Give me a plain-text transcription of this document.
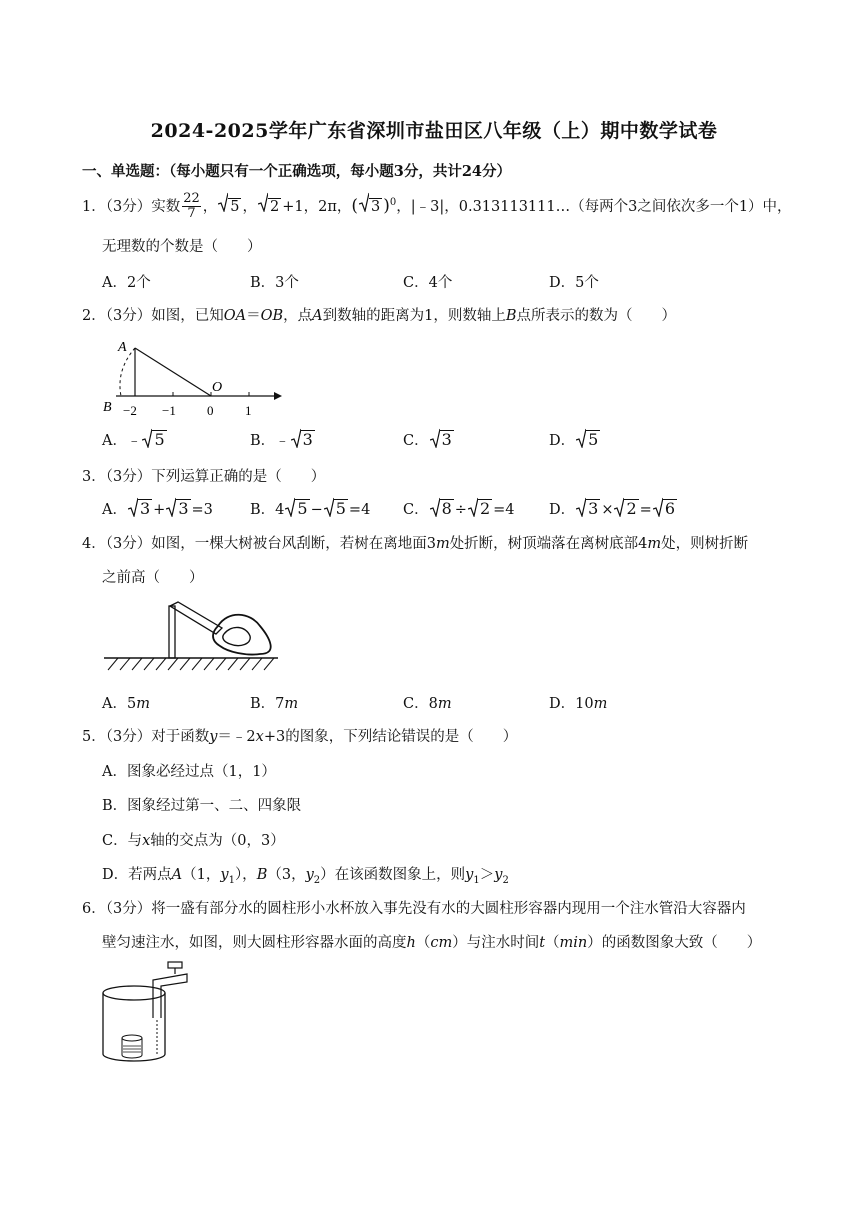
2024-2025学年广东省深圳市盐田区八年级（上）期中数学试卷
一、单选题：（每小题只有一个正确选项，每小题3分，共计24分）
1．（3分）实数 $\frac{22}{7}$ ， 5 ， 2 +1，2π，( 3 )$^0$，|﹣3|，0.313113111…（每两个3之间依次多一个1）中，
无理数的个数是（　　）
A．2个	B．3个	C．4个	D．5个
2．（3分）如图，已知OA＝OB，点A到数轴的距离为1，则数轴上B点所表示的数为（　　）
A
B
O
−2 −1 0 1
A．﹣ 5	B．﹣ 3	C． 3	D． 5
3．（3分）下列运算正确的是（　　）
A． 3 + 3 =3	B．4 5 − 5 =4 C． 8 ÷ 2 =4 D． 3 × 2 = 6
4．（3分）如图，一棵大树被台风刮断，若树在离地面3m处折断，树顶端落在离树底部4m处，则树折断
之前高（　　）
A．5m	B．7m	C．8m	D．10m
5．（3分）对于函数y＝﹣2x+3的图象，下列结论错误的是（　　）
A．图象必经过点（1，1）
B．图象经过第一、二、四象限
C．与x轴的交点为（0，3）
D．若两点A（1，$y_1$），B（3，$y_2$）在该函数图象上，则$y_1>y_2$
6．（3分）将一盛有部分水的圆柱形小水杯放入事先没有水的大圆柱形容器内现用一个注水管沿大容器内
壁匀速注水，如图，则大圆柱形容器水面的高度h（cm）与注水时间t（min）的函数图象大致（　　）
